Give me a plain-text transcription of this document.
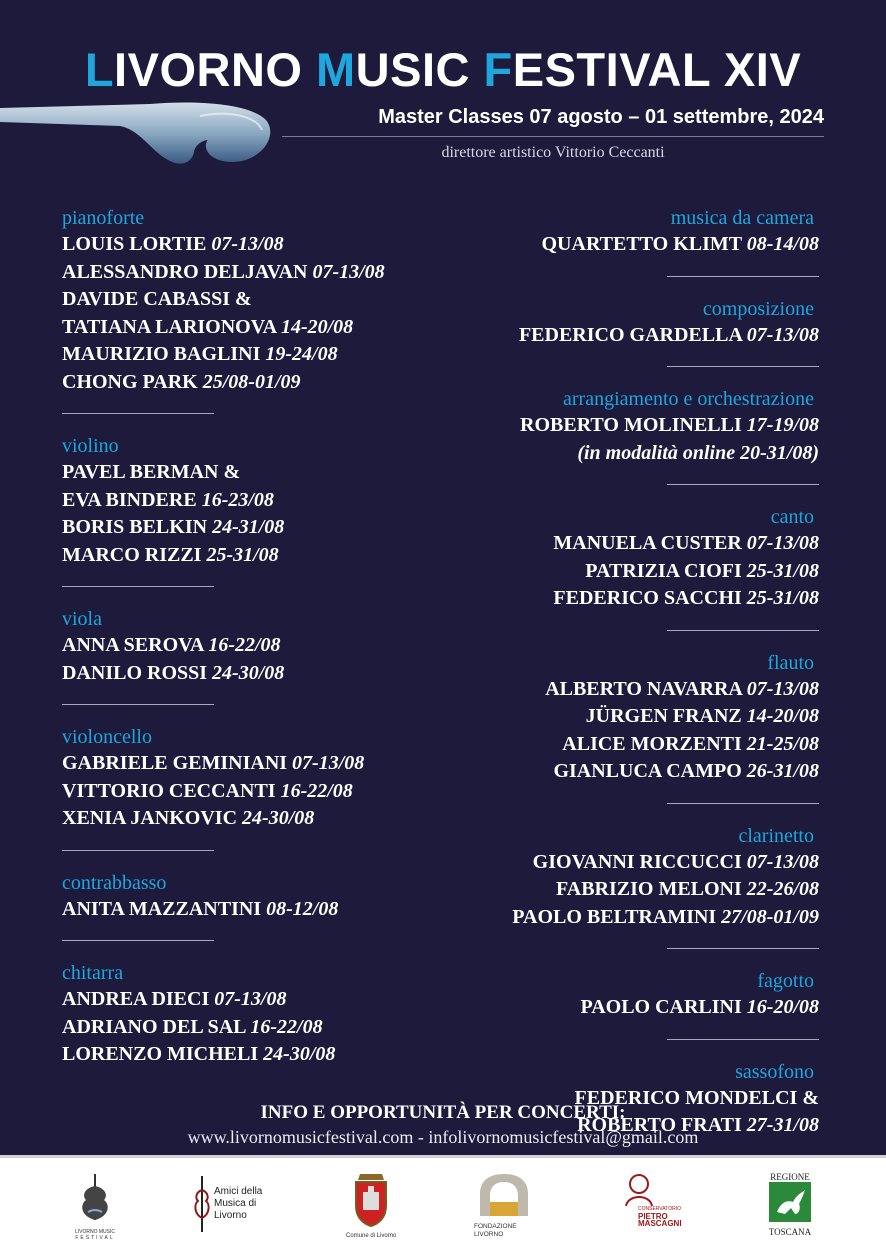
LIVORNO MUSIC FESTIVAL XIV
Master Classes 07 agosto – 01 settembre, 2024
direttore artistico Vittorio Ceccanti
pianoforte
LOUIS LORTIE 07-13/08
ALESSANDRO DELJAVAN 07-13/08
DAVIDE CABASSI &
TATIANA LARIONOVA 14-20/08
MAURIZIO BAGLINI 19-24/08
CHONG PARK 25/08-01/09
violino
PAVEL BERMAN &
EVA BINDERE 16-23/08
BORIS BELKIN 24-31/08
MARCO RIZZI 25-31/08
viola
ANNA SEROVA 16-22/08
DANILO ROSSI 24-30/08
violoncello
GABRIELE GEMINIANI 07-13/08
VITTORIO CECCANTI 16-22/08
XENIA JANKOVIC 24-30/08
contrabbasso
ANITA MAZZANTINI 08-12/08
chitarra
ANDREA DIECI 07-13/08
ADRIANO DEL SAL 16-22/08
LORENZO MICHELI 24-30/08
musica da camera
QUARTETTO KLIMT 08-14/08
composizione
FEDERICO GARDELLA 07-13/08
arrangiamento e orchestrazione
ROBERTO MOLINELLI 17-19/08
(in modalità online 20-31/08)
canto
MANUELA CUSTER 07-13/08
PATRIZIA CIOFI 25-31/08
FEDERICO SACCHI 25-31/08
flauto
ALBERTO NAVARRA 07-13/08
JÜRGEN FRANZ 14-20/08
ALICE MORZENTI 21-25/08
GIANLUCA CAMPO 26-31/08
clarinetto
GIOVANNI RICCUCCI 07-13/08
FABRIZIO MELONI 22-26/08
PAOLO BELTRAMINI 27/08-01/09
fagotto
PAOLO CARLINI 16-20/08
sassofono
FEDERICO MONDELCI &
ROBERTO FRATI 27-31/08
INFO E OPPORTUNITÀ PER CONCERTI:
www.livornomusicfestival.com - infolivornomusicfestival@gmail.com
LIVORNO MUSIC
FESTIVAL
Amici della
Musica di
Livorno
Comune di Livorno
FONDAZIONE
LIVORNO
CONSERVATORIO
PIETRO
MASCAGNI
REGIONE
TOSCANA
